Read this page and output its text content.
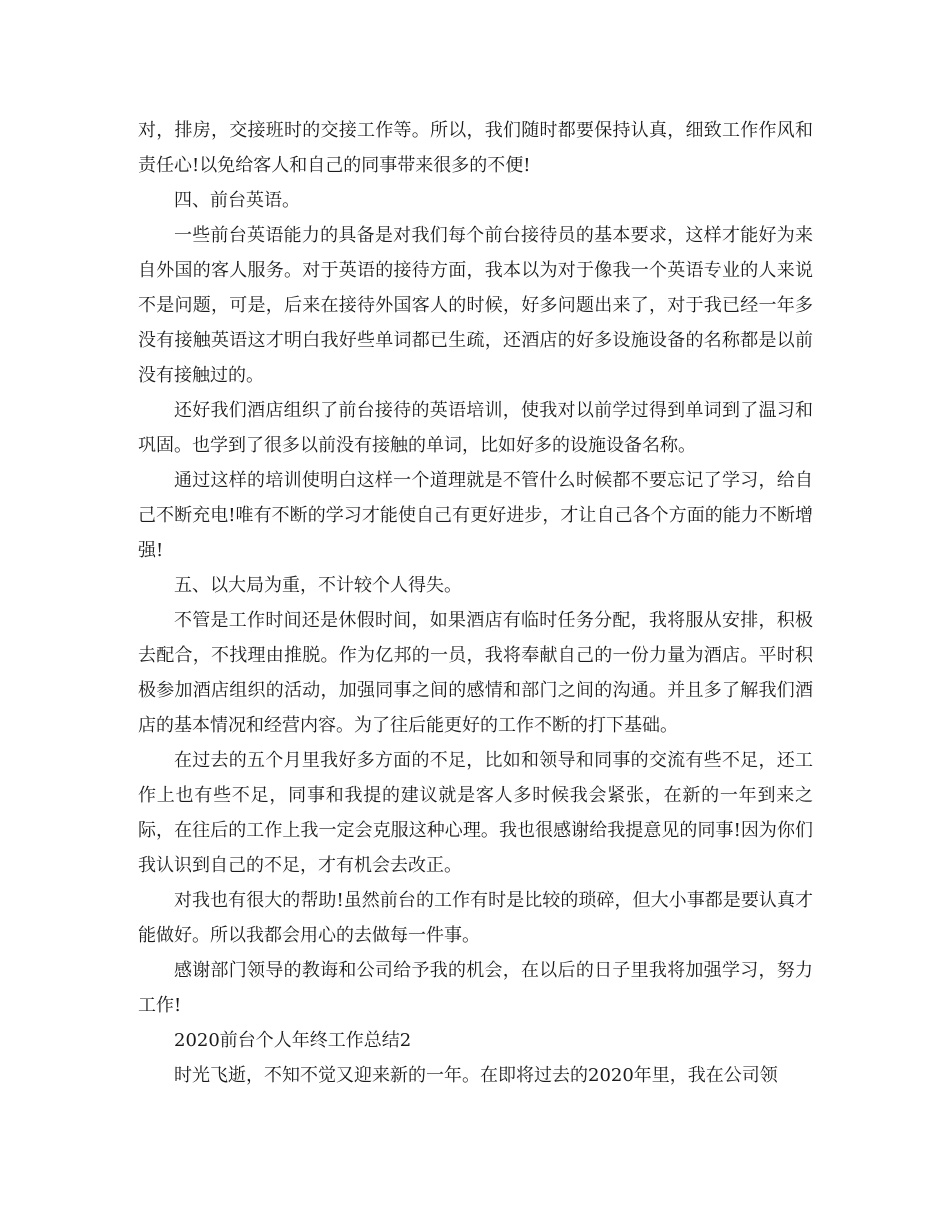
对，排房，交接班时的交接工作等。所以，我们随时都要保持认真，细致工作作风和责任心!以免给客人和自己的同事带来很多的不便!

四、前台英语。

一些前台英语能力的具备是对我们每个前台接待员的基本要求，这样才能好为来自外国的客人服务。对于英语的接待方面，我本以为对于像我一个英语专业的人来说不是问题，可是，后来在接待外国客人的时候，好多问题出来了，对于我已经一年多没有接触英语这才明白我好些单词都已生疏，还酒店的好多设施设备的名称都是以前没有接触过的。

还好我们酒店组织了前台接待的英语培训，使我对以前学过得到单词到了温习和巩固。也学到了很多以前没有接触的单词，比如好多的设施设备名称。

通过这样的培训使明白这样一个道理就是不管什么时候都不要忘记了学习，给自己不断充电!唯有不断的学习才能使自己有更好进步，才让自己各个方面的能力不断增强!

五、以大局为重，不计较个人得失。

不管是工作时间还是休假时间，如果酒店有临时任务分配，我将服从安排，积极去配合，不找理由推脱。作为亿邦的一员，我将奉献自己的一份力量为酒店。平时积极参加酒店组织的活动，加强同事之间的感情和部门之间的沟通。并且多了解我们酒店的基本情况和经营内容。为了往后能更好的工作不断的打下基础。

在过去的五个月里我好多方面的不足，比如和领导和同事的交流有些不足，还工作上也有些不足，同事和我提的建议就是客人多时候我会紧张，在新的一年到来之际，在往后的工作上我一定会克服这种心理。我也很感谢给我提意见的同事!因为你们我认识到自己的不足，才有机会去改正。

对我也有很大的帮助!虽然前台的工作有时是比较的琐碎，但大小事都是要认真才能做好。所以我都会用心的去做每一件事。

感谢部门领导的教诲和公司给予我的机会，在以后的日子里我将加强学习，努力工作!

2020前台个人年终工作总结2

时光飞逝，不知不觉又迎来新的一年。在即将过去的2020年里，我在公司领
